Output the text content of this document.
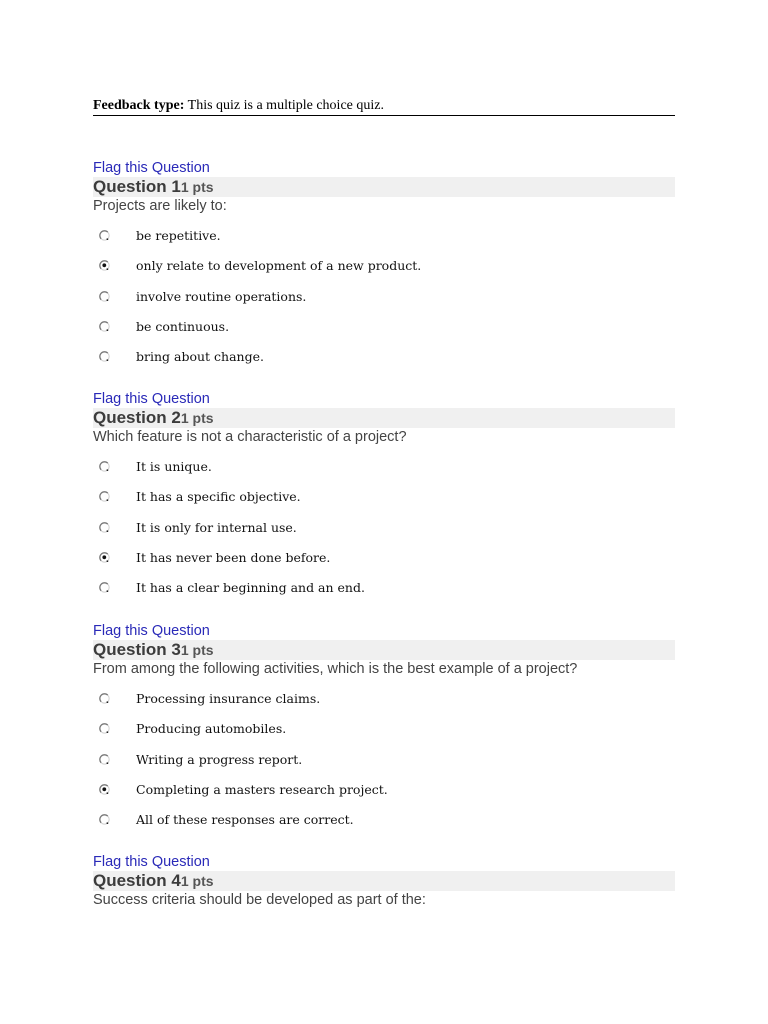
Feedback type: This quiz is a multiple choice quiz.
Flag this Question
Question 11 pts
Projects are likely to:
be repetitive.
only relate to development of a new product.
involve routine operations.
be continuous.
bring about change.
Flag this Question
Question 21 pts
Which feature is not a characteristic of a project?
It is unique.
It has a specific objective.
It is only for internal use.
It has never been done before.
It has a clear beginning and an end.
Flag this Question
Question 31 pts
From among the following activities, which is the best example of a project?
Processing insurance claims.
Producing automobiles.
Writing a progress report.
Completing a masters research project.
All of these responses are correct.
Flag this Question
Question 41 pts
Success criteria should be developed as part of the:
